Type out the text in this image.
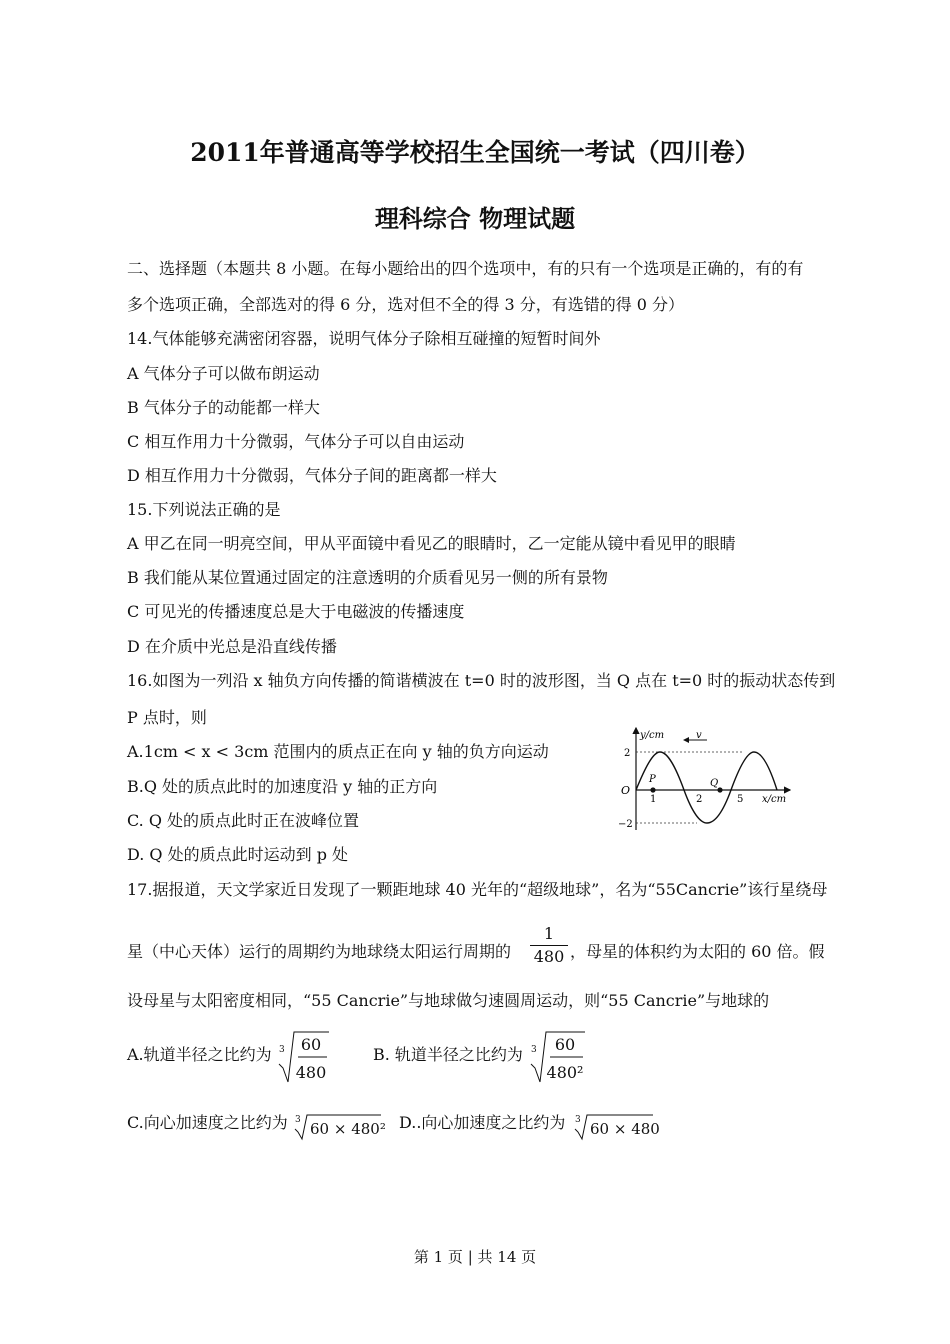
2011年普通高等学校招生全国统一考试（四川卷）
理科综合 物理试题
二、选择题（本题共 8 小题。在每小题给出的四个选项中，有的只有一个选项是正确的，有的有
多个选项正确，全部选对的得 6 分，选对但不全的得 3 分，有选错的得 0 分）
14.气体能够充满密闭容器，说明气体分子除相互碰撞的短暂时间外
A 气体分子可以做布朗运动
B 气体分子的动能都一样大
C 相互作用力十分微弱，气体分子可以自由运动
D 相互作用力十分微弱，气体分子间的距离都一样大
15.下列说法正确的是
A 甲乙在同一明亮空间，甲从平面镜中看见乙的眼睛时，乙一定能从镜中看见甲的眼睛
B 我们能从某位置通过固定的注意透明的介质看见另一侧的所有景物
C 可见光的传播速度总是大于电磁波的传播速度
D 在介质中光总是沿直线传播
16.如图为一列沿 x 轴负方向传播的简谐横波在 t=0 时的波形图，当 Q 点在 t=0 时的振动状态传到
P 点时，则
A.1cm < x < 3cm 范围内的质点正在向 y 轴的负方向运动
B.Q 处的质点此时的加速度沿 y 轴的正方向
C. Q 处的质点此时正在波峰位置
D. Q 处的质点此时运动到 p 处
v
y/cm
x/cm
O
2
−2
1	2	5
P	Q
17.据报道，天文学家近日发现了一颗距地球 40 光年的“超级地球”，名为“55Cancrie”该行星绕母
星（中心天体）运行的周期约为地球绕太阳运行周期的
1
480 ，母星的体积约为太阳的 60 倍。假
设母星与太阳密度相同，“55 Cancrie”与地球做匀速圆周运动，则“55 Cancrie”与地球的
A.轨道半径之比约为 3	60
480
B. 轨道半径之比约为 3	60
480²
C.向心加速度之比约为 3 60 × 480² D..向心加速度之比约为 3 60 × 480
第 1 页 | 共 14 页
